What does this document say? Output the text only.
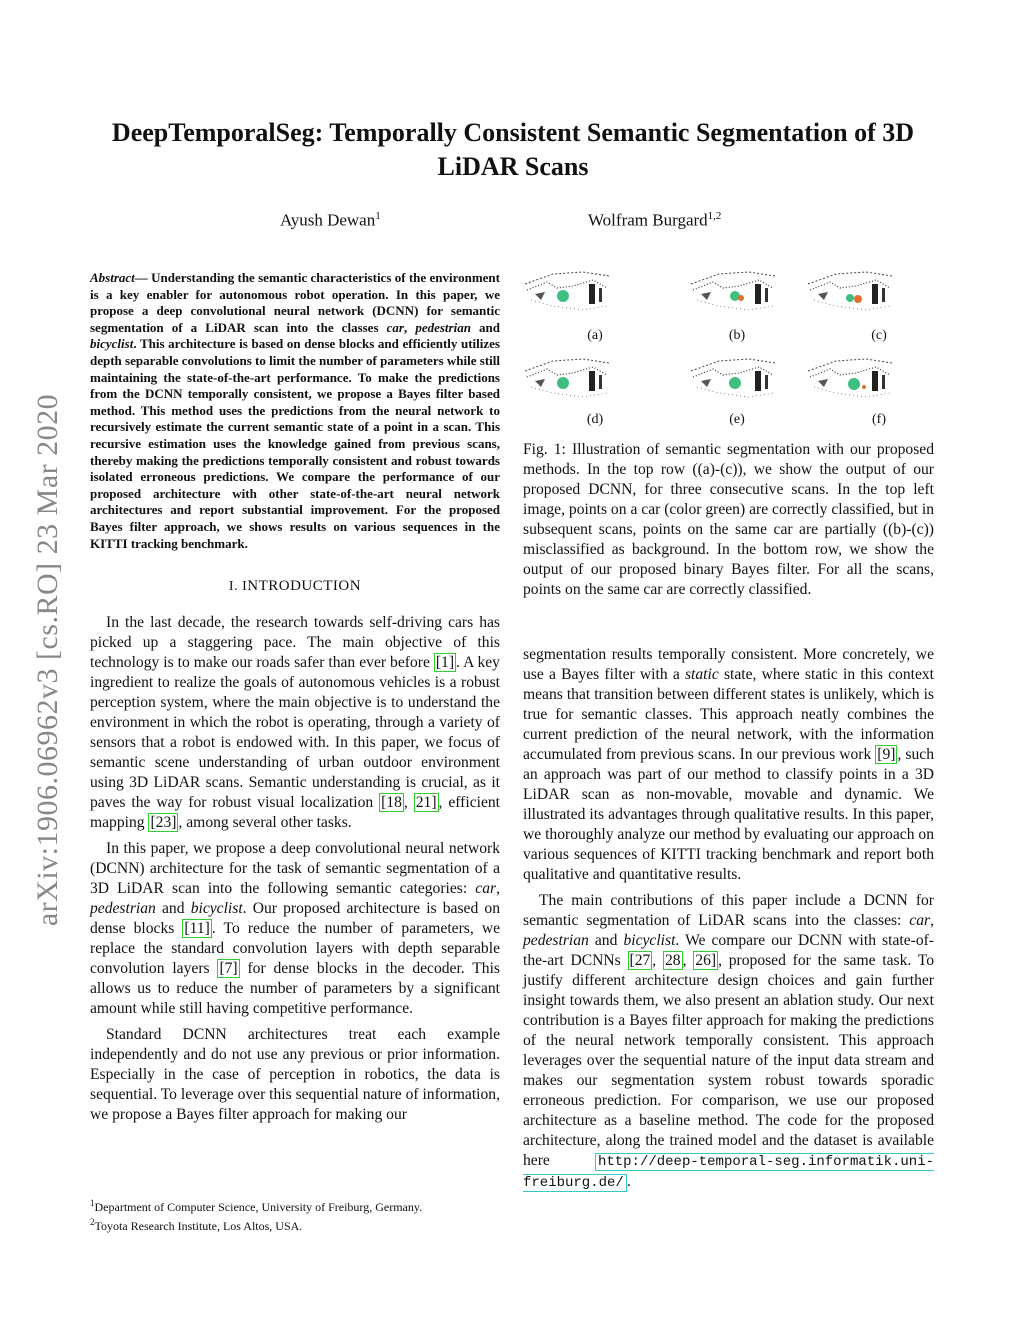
arXiv:1906.06962v3 [cs.RO] 23 Mar 2020
DeepTemporalSeg: Temporally Consistent Semantic Segmentation of 3D
LiDAR Scans
Ayush Dewan$^1$	Wolfram Burgard$^{1,2}$
Abstract— Understanding the semantic characteristics of the environment is a key enabler for autonomous robot operation. In this paper, we propose a deep convolutional neural network (DCNN) for semantic segmentation of a LiDAR scan into the classes car, pedestrian and bicyclist. This architecture is based on dense blocks and efficiently utilizes depth separable convolutions to limit the number of parameters while still maintaining the state-of-the-art performance. To make the predictions from the DCNN temporally consistent, we propose a Bayes filter based method. This method uses the predictions from the neural network to recursively estimate the current semantic state of a point in a scan. This recursive estimation uses the knowledge gained from previous scans, thereby making the predictions temporally consistent and robust towards isolated erroneous predictions. We compare the performance of our proposed architecture with other state-of-the-art neural network architectures and report substantial improvement. For the proposed Bayes filter approach, we shows results on various sequences in the KITTI tracking benchmark.
I. INTRODUCTION

In the last decade, the research towards self-driving cars has picked up a staggering pace. The main objective of this technology is to make our roads safer than ever before [1] . A key ingredient to realize the goals of autonomous vehicles is a robust perception system, where the main objective is to understand the environment in which the robot is operating, through a variety of sensors that a robot is endowed with. In this paper, we focus of semantic scene understanding of urban outdoor environment using 3D LiDAR scans. Semantic understanding is crucial, as it paves the way for robust visual localization [18 , 21] , efficient mapping [23] , among several other tasks.

In this paper, we propose a deep convolutional neural network (DCNN) architecture for the task of semantic segmentation of a 3D LiDAR scan into the following semantic categories: car, pedestrian and bicyclist. Our proposed architecture is based on dense blocks [11] . To reduce the number of parameters, we replace the standard convolution layers with depth separable convolution layers [7] for dense blocks in the decoder. This allows us to reduce the number of parameters by a significant amount while still having competitive performance.

Standard DCNN architectures treat each example independently and do not use any previous or prior information. Especially in the case of perception in robotics, the data is sequential. To leverage over this sequential nature of information, we propose a Bayes filter approach for making our

$^1$Department of Computer Science, University of Freiburg, Germany.
$^2$Toyota Research Institute, Los Altos, USA.
(a)	(b)	(c)
(d)	(e)	(f)
Fig. 1: Illustration of semantic segmentation with our proposed methods. In the top row ((a)-(c)), we show the output of our proposed DCNN, for three consecutive scans. In the top left image, points on a car (color green) are correctly classified, but in subsequent scans, points on the same car are partially ((b)-(c)) misclassified as background. In the bottom row, we show the output of our proposed binary Bayes filter. For all the scans, points on the same car are correctly classified.

segmentation results temporally consistent. More concretely, we use a Bayes filter with a static state, where static in this context means that transition between different states is unlikely, which is true for semantic classes. This approach neatly combines the current prediction of the neural network, with the information accumulated from previous scans. In our previous work [9] , such an approach was part of our method to classify points in a 3D LiDAR scan as non-movable, movable and dynamic. We illustrated its advantages through qualitative results. In this paper, we thoroughly analyze our method by evaluating our approach on various sequences of KITTI tracking benchmark and report both qualitative and quantitative results.

The main contributions of this paper include a DCNN for semantic segmentation of LiDAR scans into the classes: car, pedestrian and bicyclist. We compare our DCNN with state-of-the-art DCNNs [27 , 28 , 26] , proposed for the same task. To justify different architecture design choices and gain further insight towards them, we also present an ablation study. Our next contribution is a Bayes filter approach for making the predictions of the neural network temporally consistent. This approach leverages over the sequential nature of the input data stream and makes our segmentation system robust towards sporadic erroneous prediction. For comparison, we use our proposed architecture as a baseline method. The code for the proposed architecture, along the trained model and the dataset is available here http://deep-temporal-seg.informatik.uni-freiburg.de/ .
